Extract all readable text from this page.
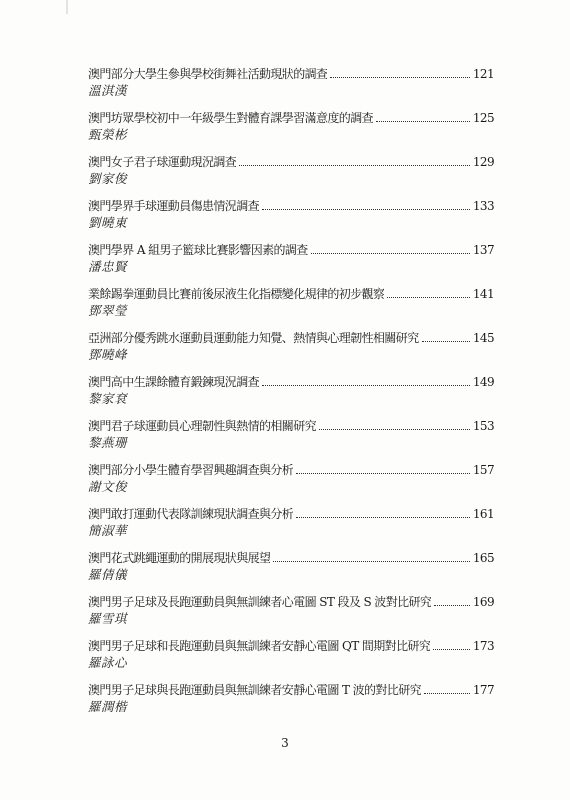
澳門部分大學生參與學校街舞社活動現狀的調查	121
溫淇漢
澳門坊眾學校初中一年級學生對體育課學習滿意度的調查	125
甄榮彬
澳門女子君子球運動現況調查	129
劉家俊
澳門學界手球運動員傷患情況調查	133
劉曉東
澳門學界 A 組男子籃球比賽影響因素的調查	137
潘忠賢
業餘踢拳運動員比賽前後尿液生化指標變化規律的初步觀察	141
鄧翠瑩
亞洲部分優秀跳水運動員運動能力知覺、熱情與心理韌性相關研究	145
鄧曉峰
澳門高中生課餘體育鍛鍊現況調查	149
黎家袞
澳門君子球運動員心理韌性與熱情的相關研究	153
黎燕珊
澳門部分小學生體育學習興趣調查與分析	157
謝文俊
澳門敢打運動代表隊訓練現狀調查與分析	161
簡淑華
澳門花式跳繩運動的開展現狀與展望	165
羅倩儀
澳門男子足球及長跑運動員與無訓練者心電圖 ST 段及 S 波對比研究	169
羅雪琪
澳門男子足球和長跑運動員與無訓練者安靜心電圖 QT 間期對比研究	173
羅詠心
澳門男子足球與長跑運動員與無訓練者安靜心電圖 T 波的對比研究	177
羅潤楷
3
